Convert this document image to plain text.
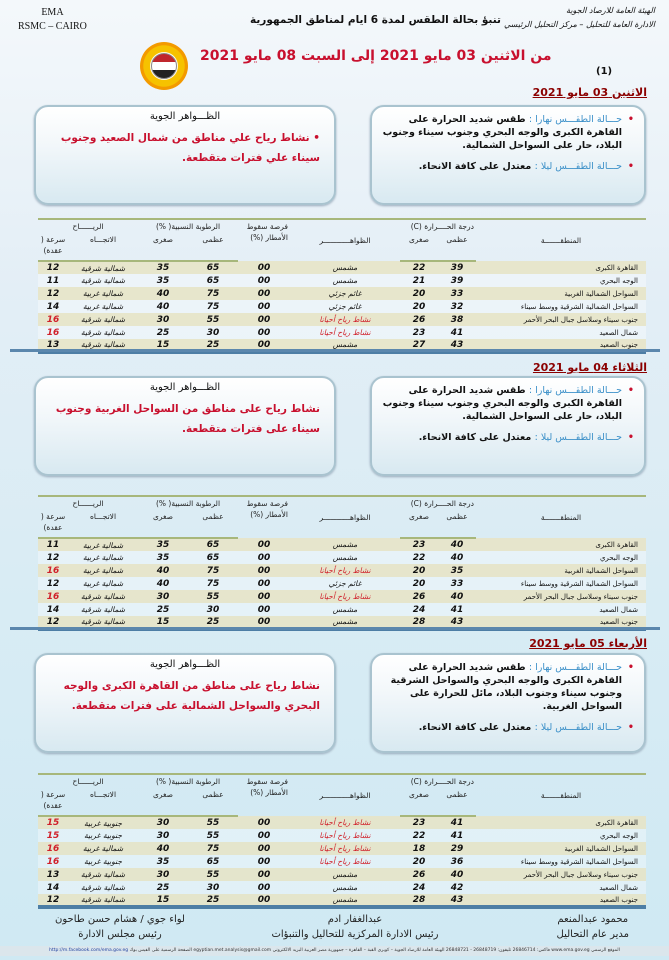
EMA
RSMC – CAIRO
تنبؤ بحالة الطقس لمدة 6 ايام لمناطق الجمهورية
الهيئة العامة للارصاد الجوية
الادارة العامة للتحليل – مركز التحليل الرئيسي
من الاثنين 03 مايو 2021 إلى السبت 08 مايو 2021
(1)
الاثنين 03 مايو 2021
• حـــالة الطقـــس نهارا : طقس شديد الحرارة على القاهرة الكبرى والوجه البحري وجنوب سيناء وجنوب البلاد، حار على السواحل الشمالية.
• حـــالة الطقـــس ليلا : معتدل على كافة الانحاء.
الظـــواهر الجوية
• نشاط رياح علي مناطق من شمال الصعيد وجنوب سيناء علي فترات متقطعة.
المنطقـــــــة	درجة الحــــرارة (C)		الظواهــــــــــــر	فرصة سقوط الأمطار (%)	الرطوبة النسبية( %)		الريــــــاح	
	عظمى	صغرى			عظمى	صغرى	الاتجـــاه	سرعة ( عقدة)
القاهرة الكبرى	39	22	مشمس	00	65	35	شمالية شرقية	12
الوجه البحري	39	21	مشمس	00	65	35	شمالية شرقية	11
السواحل الشمالية الغربية	33	20	غائم جزئي	00	75	40	شمالية غربية	12
السواحل الشمالية الشرقية ووسط سيناء	32	20	غائم جزئي	00	75	40	شمالية غربية	14
جنوب سيناء وسلاسل جبال البحر الأحمر	38	26	نشاط رياح أحيانا	00	55	30	شمالية شرقية	16
شمال الصعيد	41	23	نشاط رياح أحيانا	00	30	25	شمالية شرقية	16
جنوب الصعيد	43	27	مشمس	00	25	15	شمالية شرقية	13
الثلاثاء 04 مايو 2021
• حـــالة الطقـــس نهارا : طقس شديد الحرارة على القاهرة الكبرى والوجه البحري وجنوب سيناء وجنوب البلاد، حار على السواحل الشمالية.
• حـــالة الطقـــس ليلا : معتدل على كافة الانحاء.
الظـــواهر الجوية
نشاط رياح على مناطق من السواحل الغربية وجنوب سيناء على فترات متقطعة.
المنطقـــــــة	درجة الحــــرارة (C)		الظواهــــــــــــر	فرصة سقوط الأمطار (%)	الرطوبة النسبية( %)		الريــــــاح	
	عظمى	صغرى			عظمى	صغرى	الاتجـــاه	سرعة ( عقدة)
القاهرة الكبرى	40	23	مشمس	00	65	35	شمالية غربية	11
الوجه البحري	40	22	مشمس	00	65	35	شمالية غربية	12
السواحل الشمالية الغربية	35	20	نشاط رياح أحيانا	00	75	40	شمالية غربية	16
السواحل الشمالية الشرقية ووسط سيناء	33	20	غائم جزئي	00	75	40	شمالية غربية	12
جنوب سيناء وسلاسل جبال البحر الأحمر	40	26	نشاط رياح أحيانا	00	55	30	شمالية شرقية	16
شمال الصعيد	41	24	مشمس	00	30	25	شمالية شرقية	14
جنوب الصعيد	43	28	مشمس	00	25	15	شمالية شرقية	12
الأربعاء 05 مايو 2021
• حـــالة الطقـــس نهارا : طقس شديد الحرارة على القاهرة الكبرى والوجه البحري والسواحل الشرقية وجنوب سيناء وجنوب البلاد، مائل للحرارة على السواحل الغربية.
• حـــالة الطقـــس ليلا : معتدل على كافة الانحاء.
الظـــواهر الجوية
نشاط رياح على مناطق من القاهرة الكبرى والوجه البحري والسواحل الشمالية على فترات متقطعة.
المنطقـــــــة	درجة الحــــرارة (C)		الظواهــــــــــــر	فرصة سقوط الأمطار (%)	الرطوبة النسبية( %)		الريــــــاح	
	عظمى	صغرى			عظمى	صغرى	الاتجـــاه	سرعة ( عقدة)
القاهرة الكبرى	41	23	نشاط رياح أحيانا	00	55	30	جنوبية غربية	15
الوجه البحري	41	22	نشاط رياح أحيانا	00	55	30	جنوبية غربية	15
السواحل الشمالية الغربية	29	18	نشاط رياح أحيانا	00	75	40	شمالية غربية	16
السواحل الشمالية الشرقية ووسط سيناء	36	20	نشاط رياح أحيانا	00	65	35	جنوبية غربية	16
جنوب سيناء وسلاسل جبال البحر الأحمر	40	26	مشمس	00	55	30	شمالية شرقية	13
شمال الصعيد	42	24	مشمس	00	30	25	شمالية شرقية	14
جنوب الصعيد	43	28	مشمس	00	25	15	شمالية شرقية	12
محمود عبدالمنعم
مدير عام التحاليل
عبدالغفار ادم
رئيس الادارة المركزية للتحاليل والتنبؤات
لواء جوي / هشام حسن طاحون
رئيس مجلس الادارة
الموقع الرسمي www.ema.gov.eg فاكس: 26846714 تليفون: 26848719 - 26848721 الهيئة العامة للارصاد الجوية – كوبري القبة – القاهرة – جمهورية مصر العربية البريد الالكتروني egyptian.met.analysis@gmail.com الصفحة الرسمية على الفيس بوك http://m.facebook.com/ema.gov.eg
